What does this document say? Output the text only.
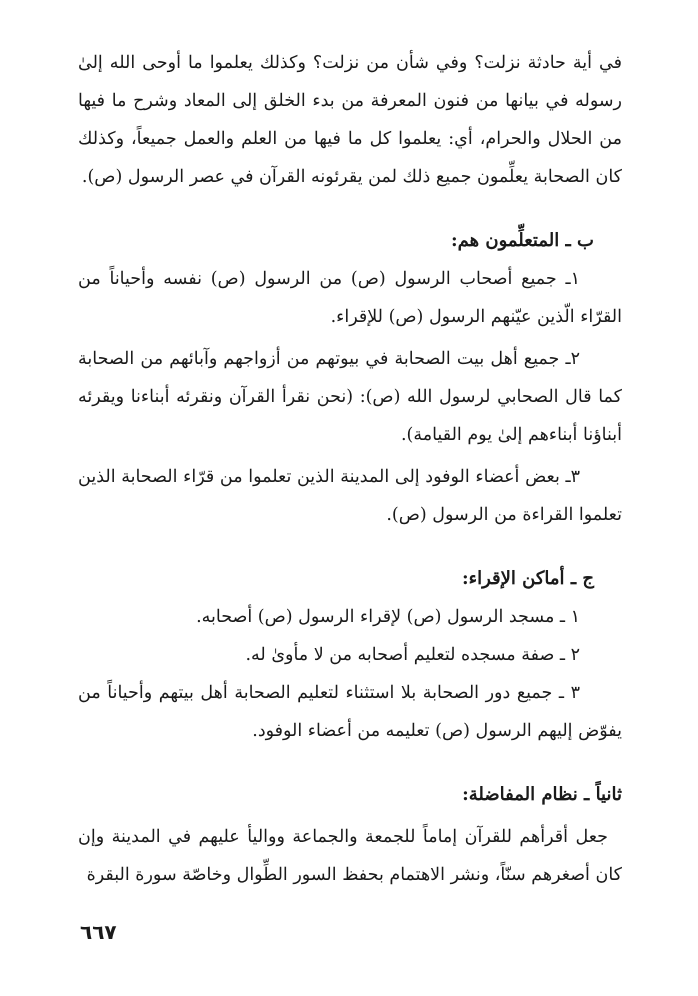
في أية حادثة نزلت؟ وفي شأن من نزلت؟ وكذلك يعلموا ما أوحى الله إلىٰ رسوله في بيانها من فنون المعرفة من بدء الخلق إلى المعاد وشرح ما فيها من الحلال والحرام، أي: يعلموا كل ما فيها من العلم والعمل جميعاً، وكذلك كان الصحابة يعلِّمون جميع ذلك لمن يقرئونه القرآن في عصر الرسول (ص).

ب ـ المتعلِّمون هم:

١ـ جميع أصحاب الرسول (ص) من الرسول (ص) نفسه وأحياناً من القرّاء الّذين عيّنهم الرسول (ص) للإقراء.

٢ـ جميع أهل بيت الصحابة في بيوتهم من أزواجهم وآبائهم من الصحابة كما قال الصحابي لرسول الله (ص): (نحن نقرأ القرآن ونقرئه أبناءنا ويقرئه أبناؤنا أبناءهم إلىٰ يوم القيامة).

٣ـ بعض أعضاء الوفود إلى المدينة الذين تعلموا من قرّاء الصحابة الذين تعلموا القراءة من الرسول (ص).

ج ـ أماكن الإقراء:

١ ـ مسجد الرسول (ص) لإقراء الرسول (ص) أصحابه.

٢ ـ صفة مسجده لتعليم أصحابه من لا مأوىٰ له.

٣ ـ جميع دور الصحابة بلا استثناء لتعليم الصحابة أهل بيتهم وأحياناً من يفوّض إليهم الرسول (ص) تعليمه من أعضاء الوفود.

ثانياً ـ نظام المفاضلة:

جعل أقرأهم للقرآن إماماً للجمعة والجماعة وواليأ عليهم في المدينة وإن كان أصغرهم سنّاً، ونشر الاهتمام بحفظ السور الطِّوال وخاصّة سورة البقرة

٦٦٧
